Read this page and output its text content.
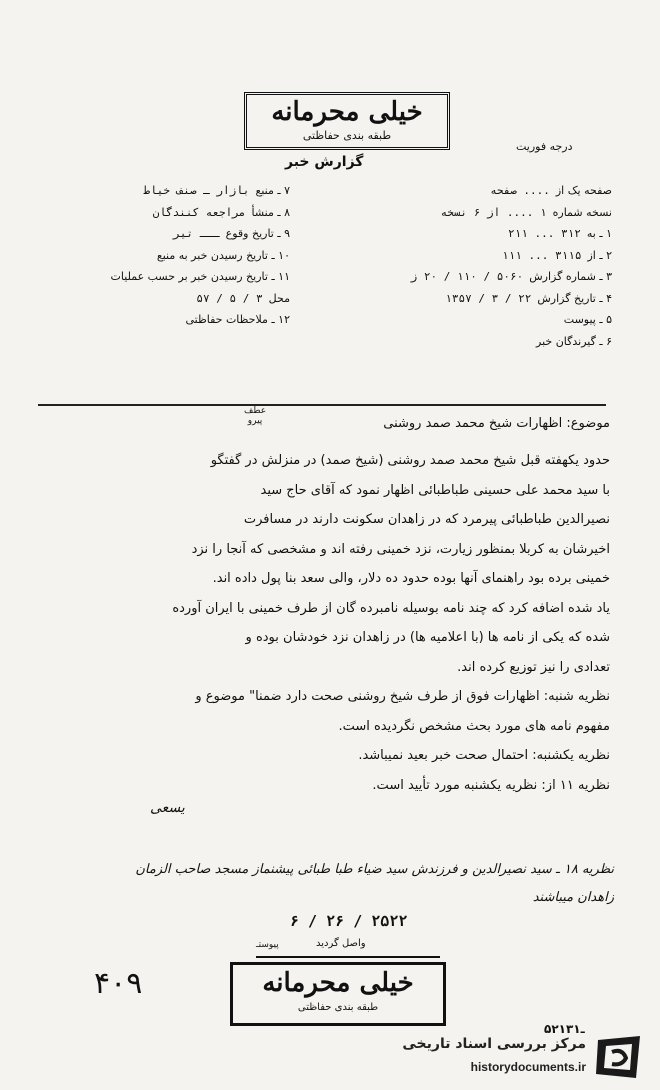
خیلی محرمانه
طبقه بندی حفاظتی
درجه فوریت
گزارش خبر
صفحه یک از.... صفحه
نسخه شماره۱ .... از ۶ نسخه
۱ ـ به۳۱۲ ... ۲۱۱
۲ ـ از۳۱۱۵ ... ۱۱۱
۳ ـ شماره گزارش۵۰۶۰ / ۱۱۰ / ۲۰ ز
۴ ـ تاریخ گزارش۲۲ / ۳ / ۱۳۵۷
۵ ـ پیوست
۶ ـ گیرندگان خبر
۷ ـ منبعبازار ـ صنف خیاط
۸ ـ منشأمراجعه کنندگان
۹ ـ تاریخ وقوعـــ تیر
۱۰ ـ تاریخ رسیدن خبر به منبع
۱۱ ـ تاریخ رسیدن خبر بر حسب عملیات
محل۳ / ۵ / ۵۷
۱۲ ـ ملاحظات حفاظتی
عطف
پیرو	موضوع: اظهارات شیخ محمد صمد روشنی
حدود یکهفته قبل شیخ محمد صمد روشنی (شیخ صمد) در منزلش در گفتگو
با سید محمد علی حسینی طباطبائی اظهار نمود که آقای حاج سید
نصیرالدین طباطبائی پیرمرد که در زاهدان سکونت دارند در مسافرت
اخیرشان به کربلا بمنظور زیارت، نزد خمینی رفته اند و مشخصی که آنجا را نزد
خمینی برده بود راهنمای آنها بوده حدود ده دلار، والی سعد بنا پول داده اند.
یاد شده اضافه کرد که چند نامه بوسیله نامبرده گان از طرف خمینی با ایران آورده
شده که یکی از نامه ها (با اعلامیه ها) در زاهدان نزد خودشان بوده و
تعدادی را نیز توزیع کرده اند.
نظریه شنبه: اظهارات فوق از طرف شیخ روشنی صحت دارد ضمنا" موضوع و
مفهوم نامه های مورد بحث مشخص نگردیده است.
نظریه یکشنبه: احتمال صحت خبر بعید نمیباشد.
نظریه ۱۱ از: نظریه یکشنبه مورد تأیید است.
يسعی
نظریه ۱۸ ـ سید نصیرالدین و فرزندش سید ضیاء طبا طبائی پیشنماز مسجد صاحب الزمان
زاهدان میباشند
۲۵۲۲ / ۲۶ / ۶
واصل گردید
پیوستـ
۴۰۹	خیلی محرمانه
طبقه بندی حفاظتی
۵۲ـ۱۳۱
مرکز بررسی اسناد تاریخی
historydocuments.ir
